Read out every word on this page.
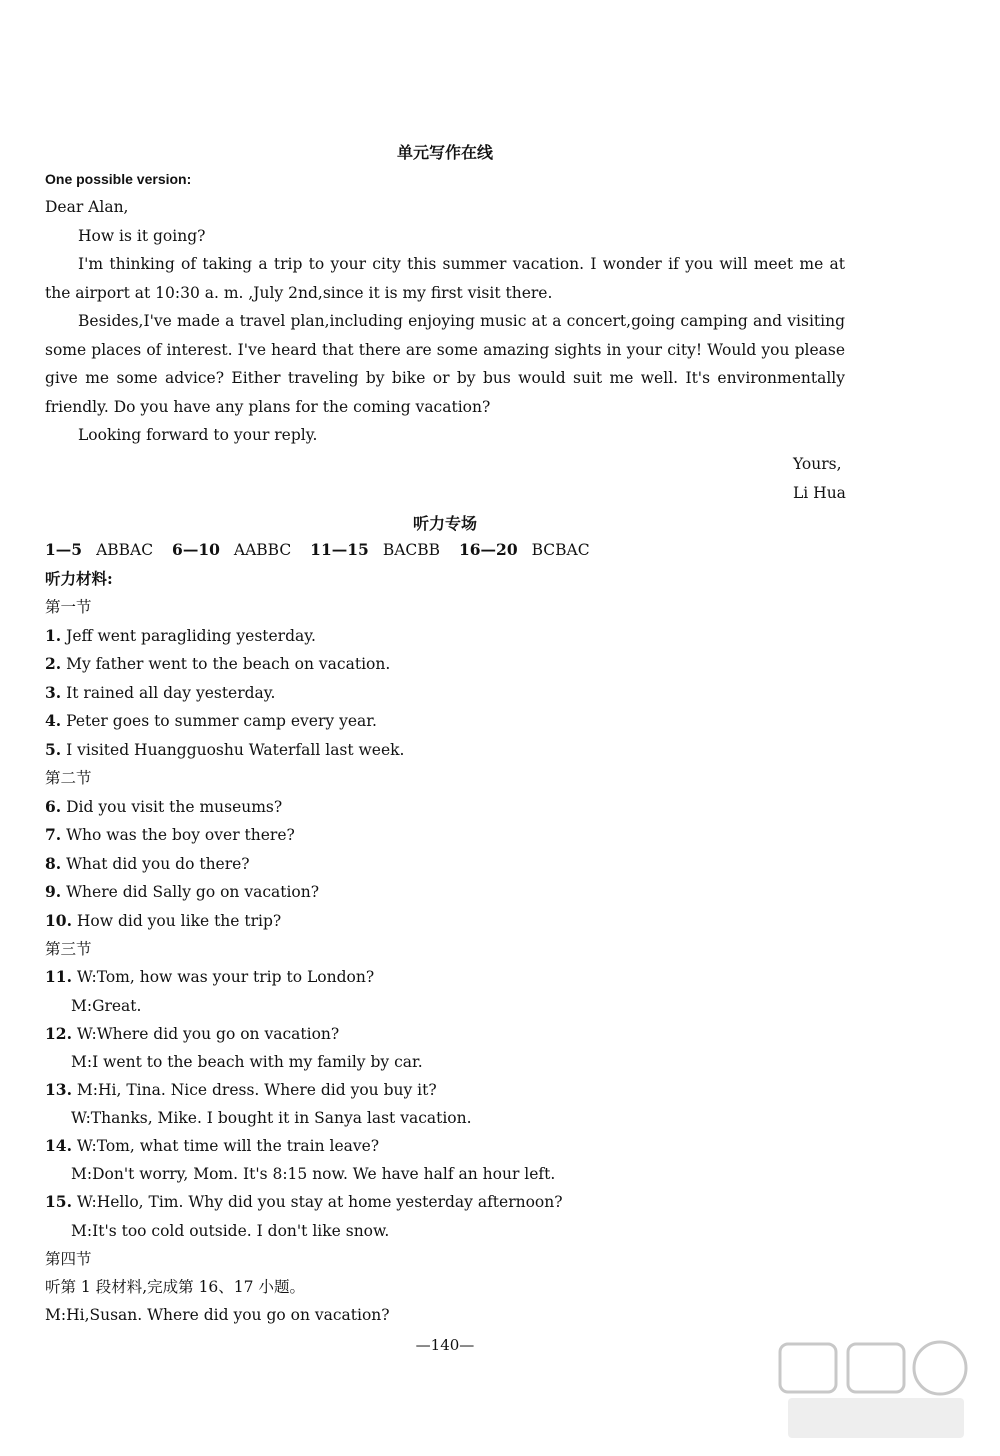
单元写作在线
One possible version:
Dear Alan,
How is it going?
I'm thinking of taking a trip to your city this summer vacation. I wonder if you will meet me at the airport at 10:30 a. m. ,July 2nd,since it is my first visit there.
Besides,I've made a travel plan,including enjoying music at a concert,going camping and visiting some places of interest. I've heard that there are some amazing sights in your city! Would you please give me some advice? Either traveling by bike or by bus would suit me well. It's environmentally friendly. Do you have any plans for the coming vacation?
Looking forward to your reply.
Yours,
Li Hua
听力专场
1—5 ABBAC 6—10 AABBC 11—15 BACBB 16—20 BCBAC
听力材料:
第一节
1. Jeff went paragliding yesterday.
2. My father went to the beach on vacation.
3. It rained all day yesterday.
4. Peter goes to summer camp every year.
5. I visited Huangguoshu Waterfall last week.
第二节
6. Did you visit the museums?
7. Who was the boy over there?
8. What did you do there?
9. Where did Sally go on vacation?
10. How did you like the trip?
第三节
11. W:Tom, how was your trip to London?
M:Great.
12. W:Where did you go on vacation?
M:I went to the beach with my family by car.
13. M:Hi, Tina. Nice dress. Where did you buy it?
W:Thanks, Mike. I bought it in Sanya last vacation.
14. W:Tom, what time will the train leave?
M:Don't worry, Mom. It's 8:15 now. We have half an hour left.
15. W:Hello, Tim. Why did you stay at home yesterday afternoon?
M:It's too cold outside. I don't like snow.
第四节
听第 1 段材料,完成第 16、17 小题。
M:Hi,Susan. Where did you go on vacation?
—140—
